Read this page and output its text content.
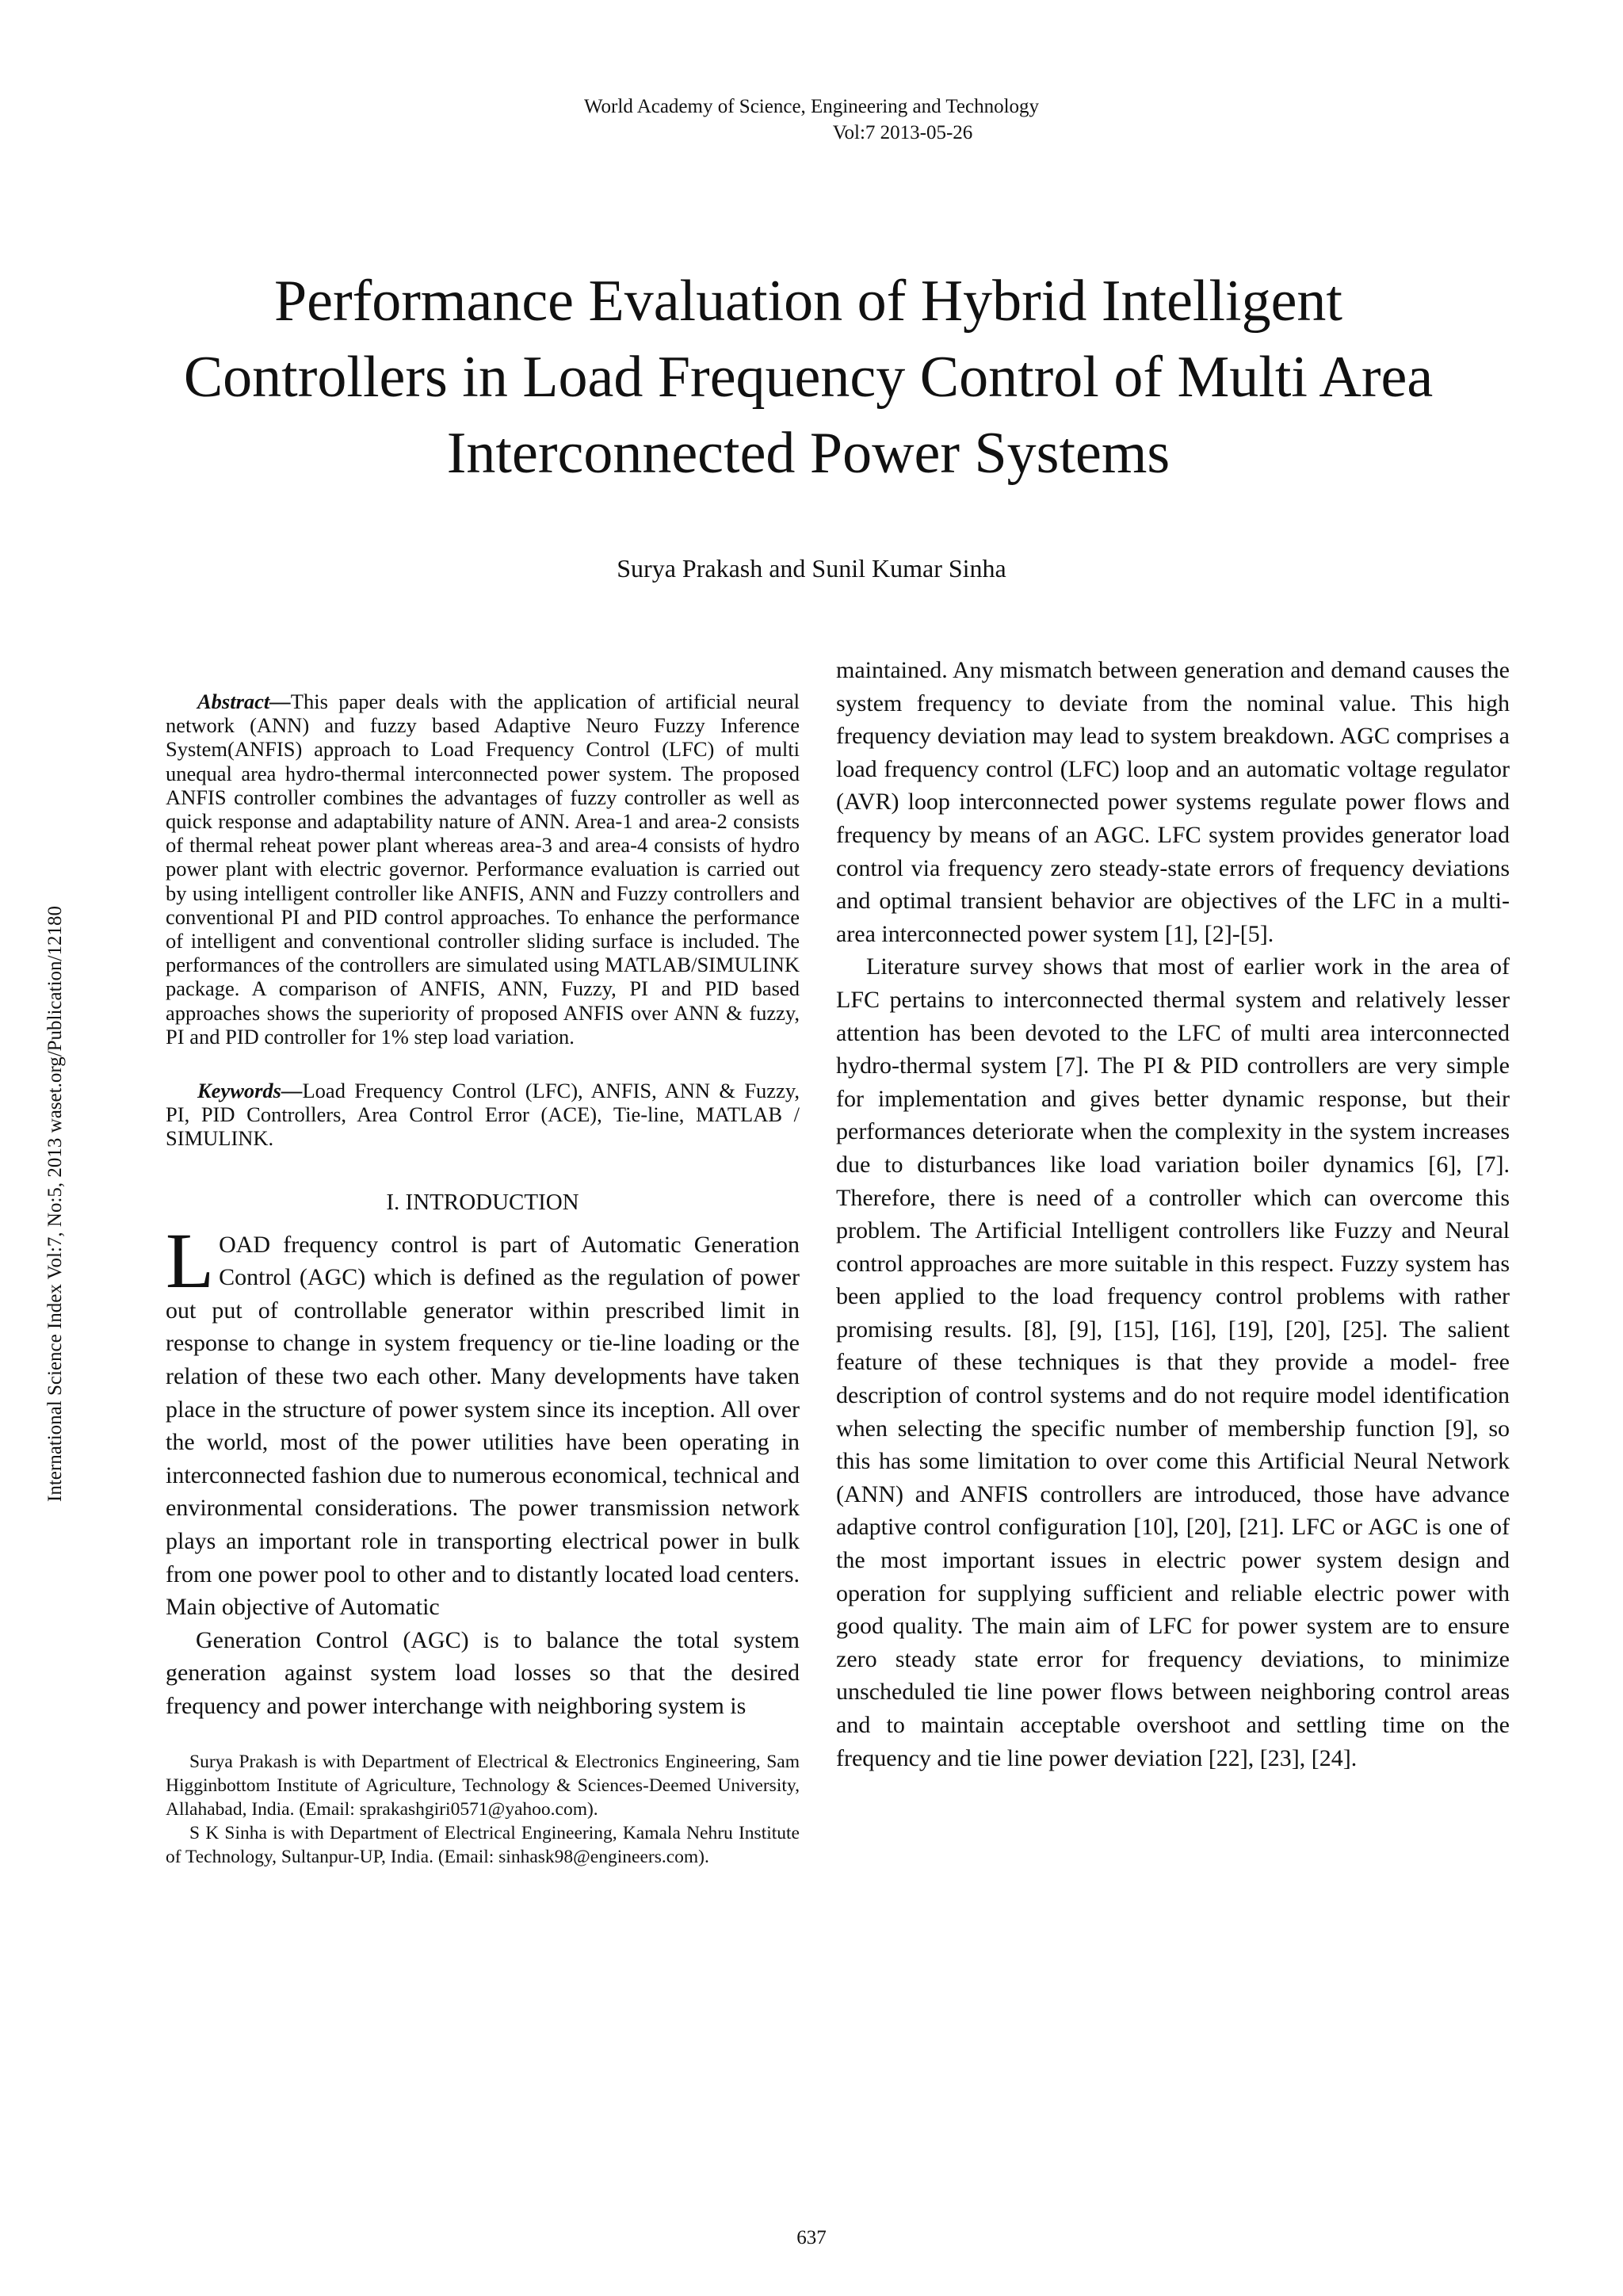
World Academy of Science, Engineering and Technology
Vol:7 2013-05-26
Performance Evaluation of Hybrid Intelligent Controllers in Load Frequency Control of Multi Area Interconnected Power Systems
Surya Prakash and Sunil Kumar Sinha
International Science Index Vol:7, No:5, 2013 waset.org/Publication/12180

Abstract—This paper deals with the application of artificial neural network (ANN) and fuzzy based Adaptive Neuro Fuzzy Inference System(ANFIS) approach to Load Frequency Control (LFC) of multi unequal area hydro-thermal interconnected power system. The proposed ANFIS controller combines the advantages of fuzzy controller as well as quick response and adaptability nature of ANN. Area-1 and area-2 consists of thermal reheat power plant whereas area-3 and area-4 consists of hydro power plant with electric governor. Performance evaluation is carried out by using intelligent controller like ANFIS, ANN and Fuzzy controllers and conventional PI and PID control approaches. To enhance the performance of intelligent and conventional controller sliding surface is included. The performances of the controllers are simulated using MATLAB/SIMULINK package. A comparison of ANFIS, ANN, Fuzzy, PI and PID based approaches shows the superiority of proposed ANFIS over ANN & fuzzy, PI and PID controller for 1% step load variation.

Keywords—Load Frequency Control (LFC), ANFIS, ANN & Fuzzy, PI, PID Controllers, Area Control Error (ACE), Tie-line, MATLAB / SIMULINK.

I. INTRODUCTION

LOAD frequency control is part of Automatic Generation Control (AGC) which is defined as the regulation of power out put of controllable generator within prescribed limit in response to change in system frequency or tie-line loading or the relation of these two each other. Many developments have taken place in the structure of power system since its inception. All over the world, most of the power utilities have been operating in interconnected fashion due to numerous economical, technical and environmental considerations. The power transmission network plays an important role in transporting electrical power in bulk from one power pool to other and to distantly located load centers. Main objective of Automatic

Generation Control (AGC) is to balance the total system generation against system load losses so that the desired frequency and power interchange with neighboring system is

Surya Prakash is with Department of Electrical & Electronics Engineering, Sam Higginbottom Institute of Agriculture, Technology & Sciences-Deemed University, Allahabad, India. (Email: sprakashgiri0571@yahoo.com).

S K Sinha is with Department of Electrical Engineering, Kamala Nehru Institute of Technology, Sultanpur-UP, India. (Email: sinhask98@engineers.com).

maintained. Any mismatch between generation and demand causes the system frequency to deviate from the nominal value. This high frequency deviation may lead to system breakdown. AGC comprises a load frequency control (LFC) loop and an automatic voltage regulator (AVR) loop interconnected power systems regulate power flows and frequency by means of an AGC. LFC system provides generator load control via frequency zero steady-state errors of frequency deviations and optimal transient behavior are objectives of the LFC in a multi-area interconnected power system [1], [2]-[5].

Literature survey shows that most of earlier work in the area of LFC pertains to interconnected thermal system and relatively lesser attention has been devoted to the LFC of multi area interconnected hydro-thermal system [7]. The PI & PID controllers are very simple for implementation and gives better dynamic response, but their performances deteriorate when the complexity in the system increases due to disturbances like load variation boiler dynamics [6], [7]. Therefore, there is need of a controller which can overcome this problem. The Artificial Intelligent controllers like Fuzzy and Neural control approaches are more suitable in this respect. Fuzzy system has been applied to the load frequency control problems with rather promising results. [8], [9], [15], [16], [19], [20], [25]. The salient feature of these techniques is that they provide a model- free description of control systems and do not require model identification when selecting the specific number of membership function [9], so this has some limitation to over come this Artificial Neural Network (ANN) and ANFIS controllers are introduced, those have advance adaptive control configuration [10], [20], [21]. LFC or AGC is one of the most important issues in electric power system design and operation for supplying sufficient and reliable electric power with good quality. The main aim of LFC for power system are to ensure zero steady state error for frequency deviations, to minimize unscheduled tie line power flows between neighboring control areas and to maintain acceptable overshoot and settling time on the frequency and tie line power deviation [22], [23], [24].

637
